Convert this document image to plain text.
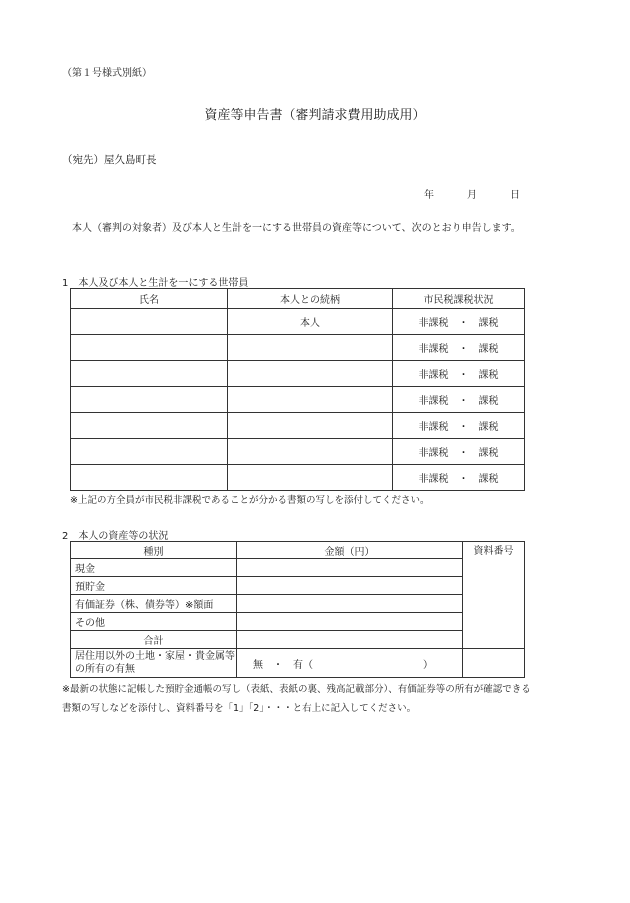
（第１号様式別紙）
資産等申告書（審判請求費用助成用）
（宛先）屋久島町長
年	月	日
本人（審判の対象者）及び本人と生計を一にする世帯員の資産等について、次のとおり申告します。
1　本人及び本人と生計を一にする世帯員
氏名	本人との続柄	市民税課税状況
	本人	非課税　・　課税
		非課税　・　課税
		非課税　・　課税
		非課税　・　課税
		非課税　・　課税
		非課税　・　課税
		非課税　・　課税
※上記の方全員が市民税非課税であることが分かる書類の写しを添付してください。
2　本人の資産等の状況
種別	金額（円）	資料番号
現金		
預貯金		
有価証券（株、債券等）※額面		
その他		
合計		
居住用以外の土地・家屋・貴金属等の所有の有無	無　・　有（ ）	
※最新の状態に記帳した預貯金通帳の写し（表紙、表紙の裏、残高記載部分）、有価証券等の所有が確認できる書類の写しなどを添付し、資料番号を「1」「2」・・・と右上に記入してください。
